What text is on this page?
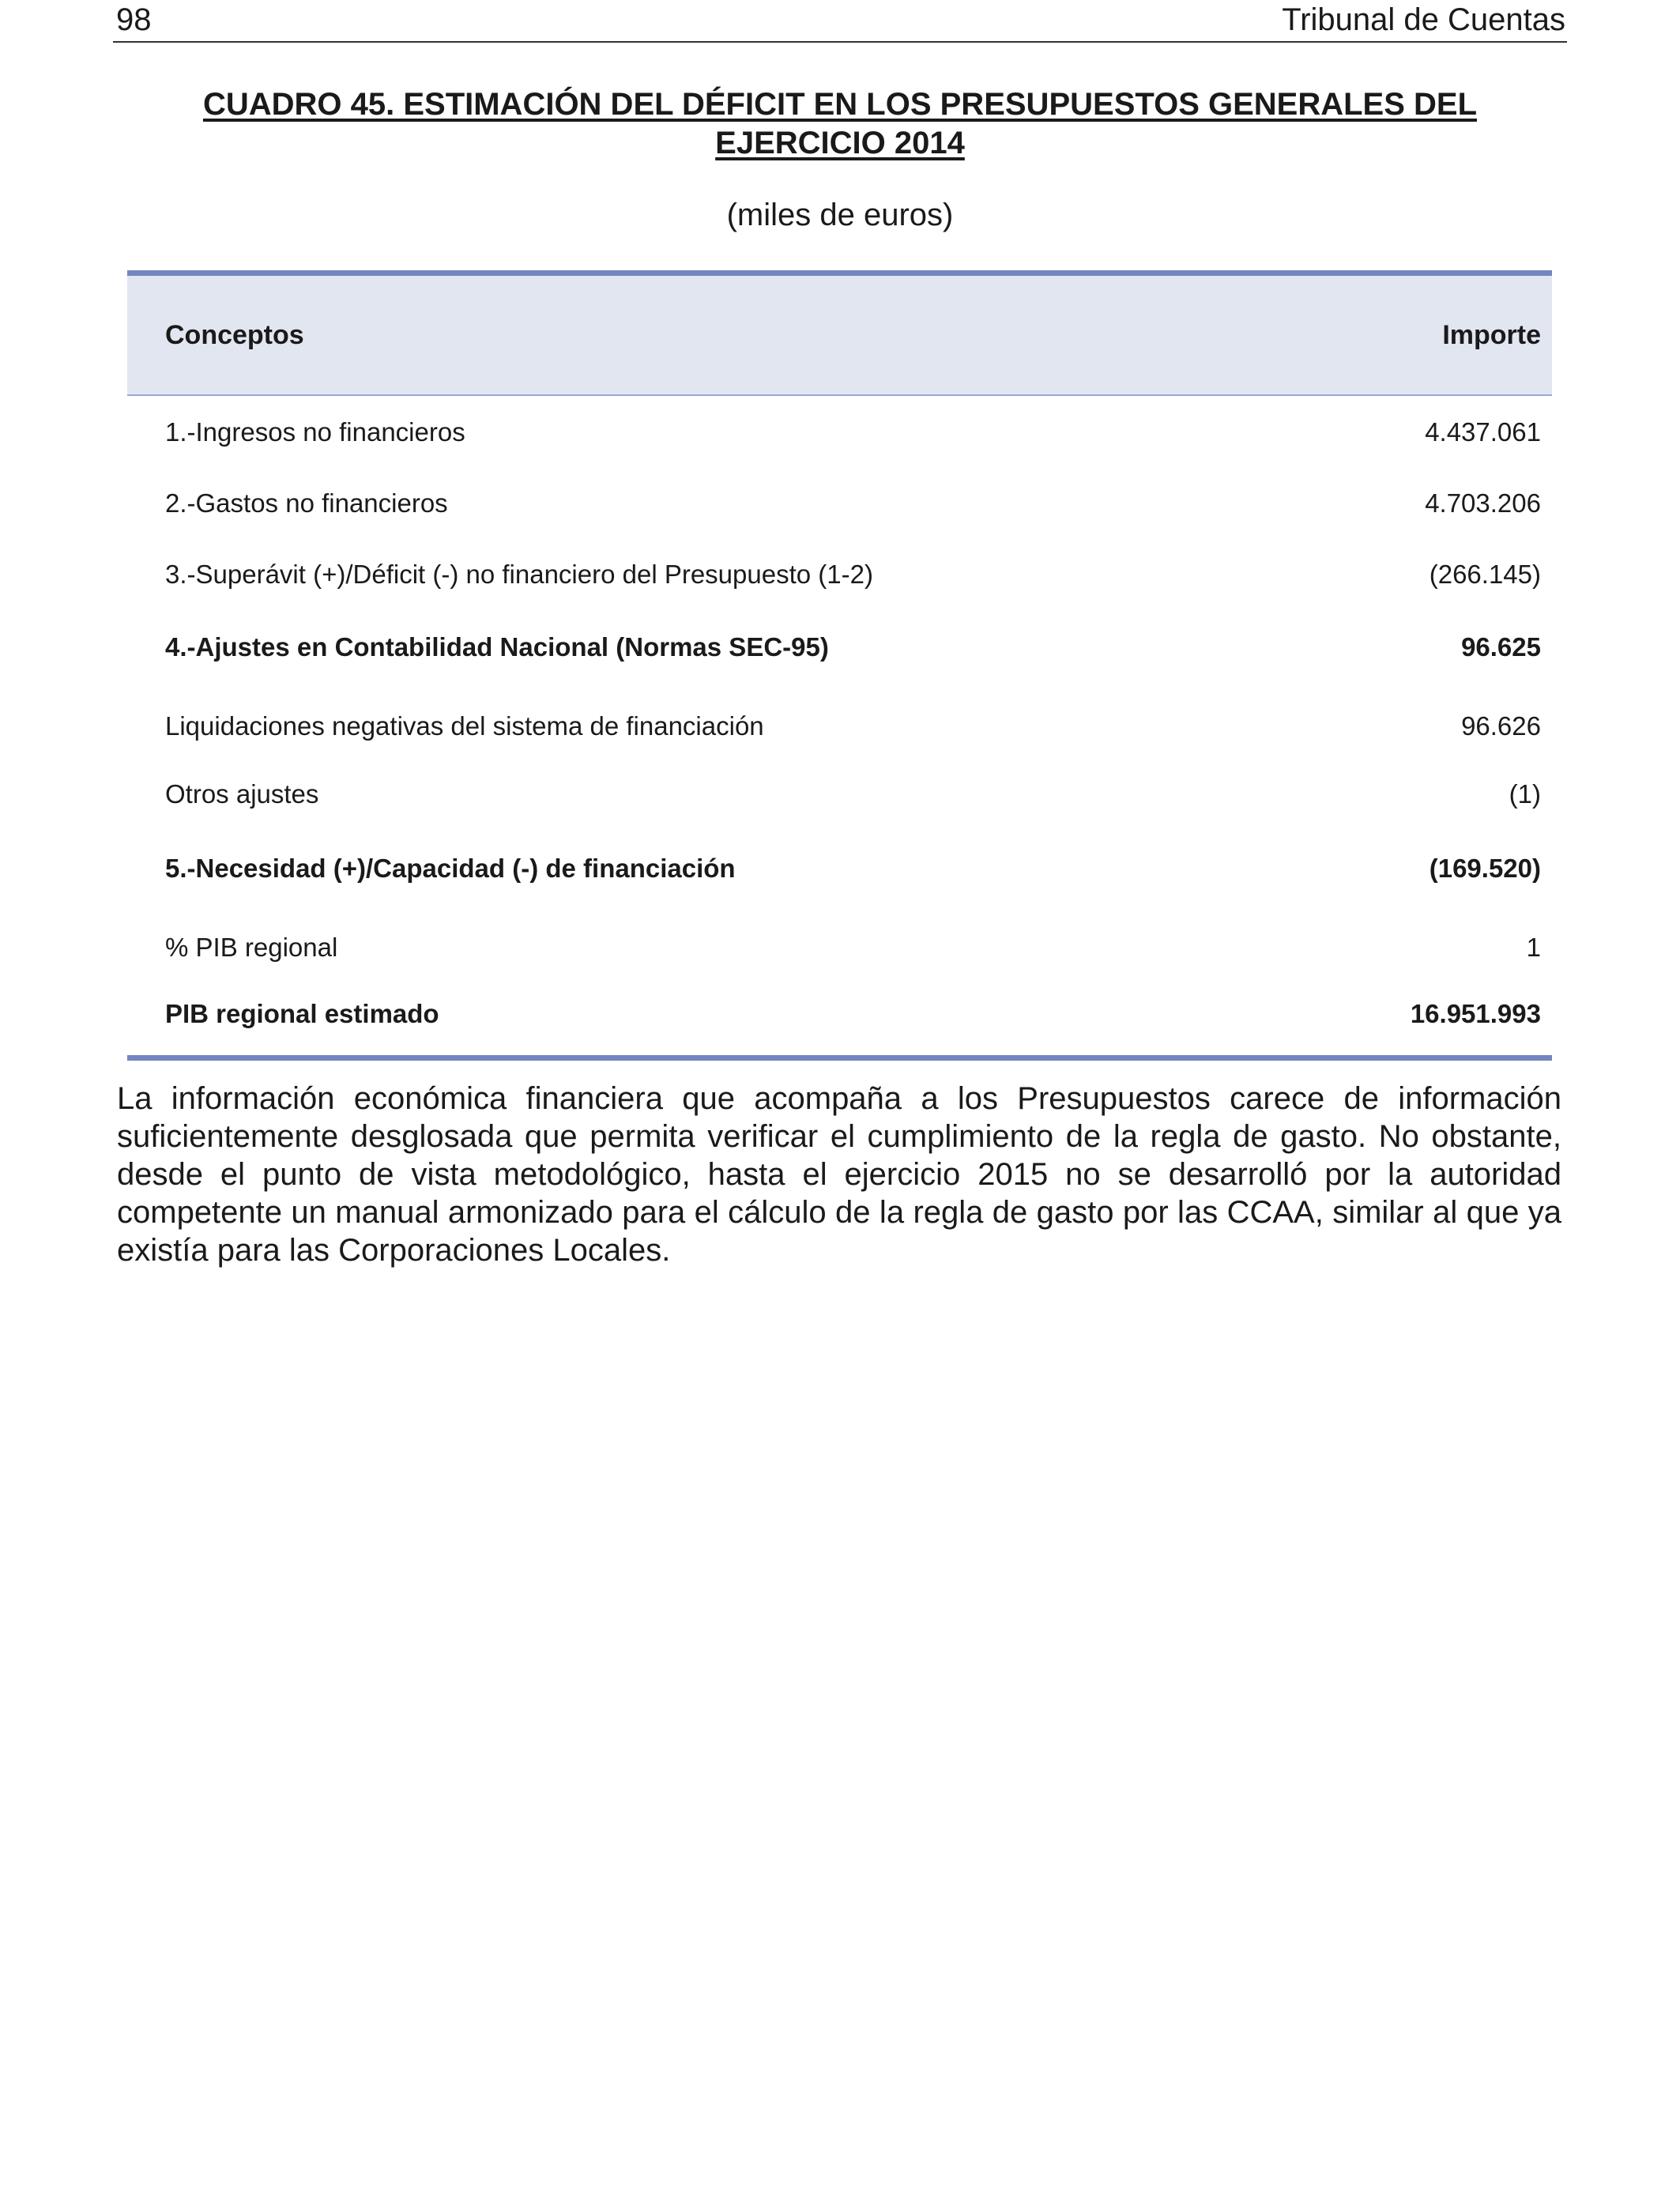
98	Tribunal de Cuentas
CUADRO 45. ESTIMACIÓN DEL DÉFICIT EN LOS PRESUPUESTOS GENERALES DEL EJERCICIO 2014
(miles de euros)
Conceptos	Importe
1.-Ingresos no financieros	4.437.061
2.-Gastos no financieros	4.703.206
3.-Superávit (+)/Déficit (-) no financiero del Presupuesto (1-2)	(266.145)
4.-Ajustes en Contabilidad Nacional (Normas SEC-95)	96.625
Liquidaciones negativas del sistema de financiación	96.626
Otros ajustes	(1)
5.-Necesidad (+)/Capacidad (-) de financiación	(169.520)
% PIB regional	1
PIB regional estimado	16.951.993

La información económica financiera que acompaña a los Presupuestos carece de información suficientemente desglosada que permita verificar el cumplimiento de la regla de gasto. No obstante, desde el punto de vista metodológico, hasta el ejercicio 2015 no se desarrolló por la autoridad competente un manual armonizado para el cálculo de la regla de gasto por las CCAA, similar al que ya existía para las Corporaciones Locales.
